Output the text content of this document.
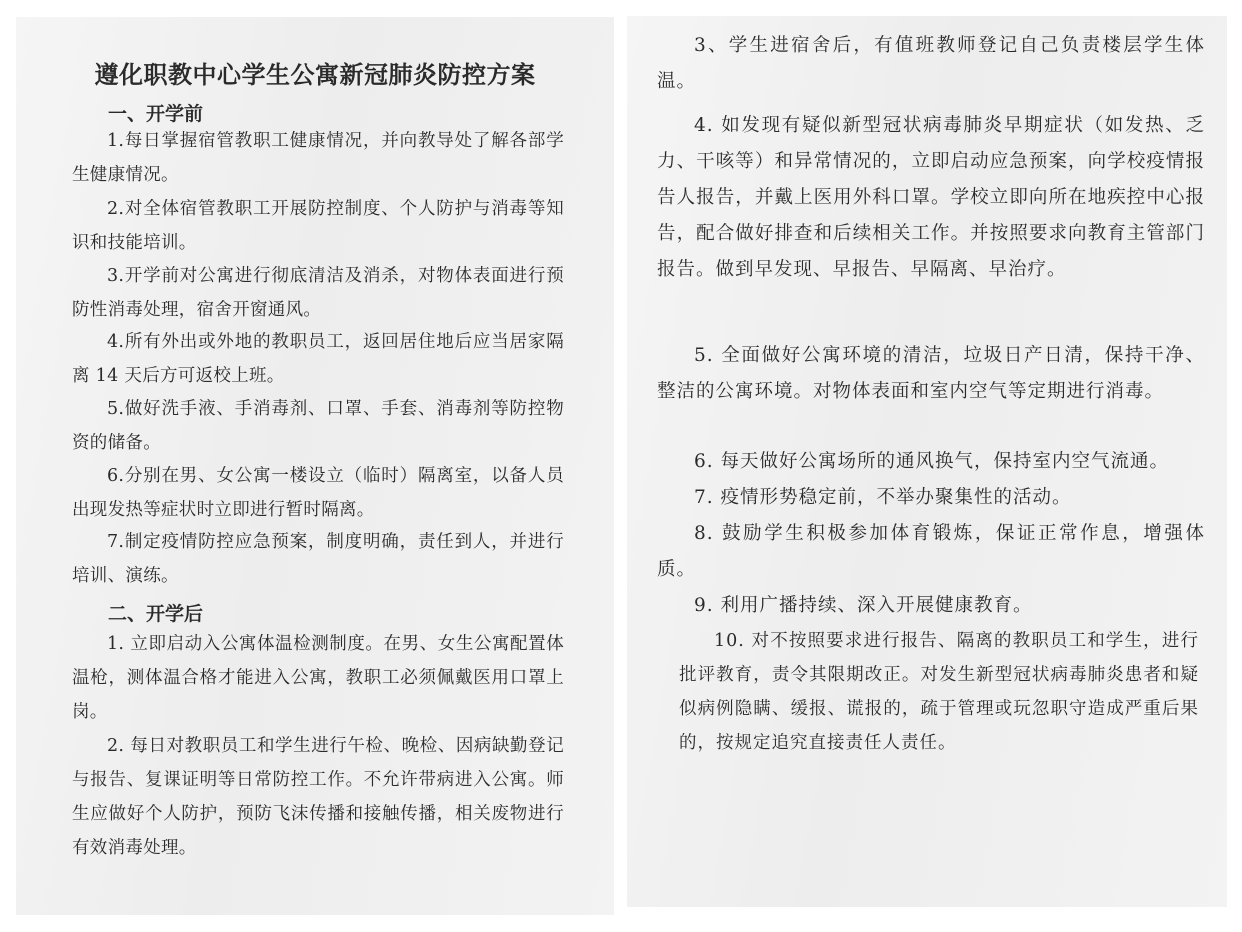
遵化职教中心学生公寓新冠肺炎防控方案
一、开学前

1.每日掌握宿管教职工健康情况，并向教导处了解各部学生健康情况。

2.对全体宿管教职工开展防控制度、个人防护与消毒等知识和技能培训。

3.开学前对公寓进行彻底清洁及消杀，对物体表面进行预防性消毒处理，宿舍开窗通风。

4.所有外出或外地的教职员工，返回居住地后应当居家隔离 14 天后方可返校上班。

5.做好洗手液、手消毒剂、口罩、手套、消毒剂等防控物资的储备。

6.分别在男、女公寓一楼设立（临时）隔离室，以备人员出现发热等症状时立即进行暂时隔离。

7.制定疫情防控应急预案，制度明确，责任到人，并进行培训、演练。

二、开学后

1. 立即启动入公寓体温检测制度。在男、女生公寓配置体温枪，测体温合格才能进入公寓，教职工必须佩戴医用口罩上岗。

2. 每日对教职员工和学生进行午检、晚检、因病缺勤登记与报告、复课证明等日常防控工作。不允许带病进入公寓。师生应做好个人防护，预防飞沫传播和接触传播，相关废物进行有效消毒处理。

3、学生进宿舍后，有值班教师登记自己负责楼层学生体温。

4. 如发现有疑似新型冠状病毒肺炎早期症状（如发热、乏力、干咳等）和异常情况的，立即启动应急预案，向学校疫情报告人报告，并戴上医用外科口罩。学校立即向所在地疾控中心报告，配合做好排查和后续相关工作。并按照要求向教育主管部门报告。做到早发现、早报告、早隔离、早治疗。

5. 全面做好公寓环境的清洁，垃圾日产日清，保持干净、整洁的公寓环境。对物体表面和室内空气等定期进行消毒。

6. 每天做好公寓场所的通风换气，保持室内空气流通。

7. 疫情形势稳定前，不举办聚集性的活动。

8. 鼓励学生积极参加体育锻炼，保证正常作息，增强体质。

9. 利用广播持续、深入开展健康教育。

10. 对不按照要求进行报告、隔离的教职员工和学生，进行批评教育，责令其限期改正。对发生新型冠状病毒肺炎患者和疑似病例隐瞒、缓报、谎报的，疏于管理或玩忽职守造成严重后果的，按规定追究直接责任人责任。
